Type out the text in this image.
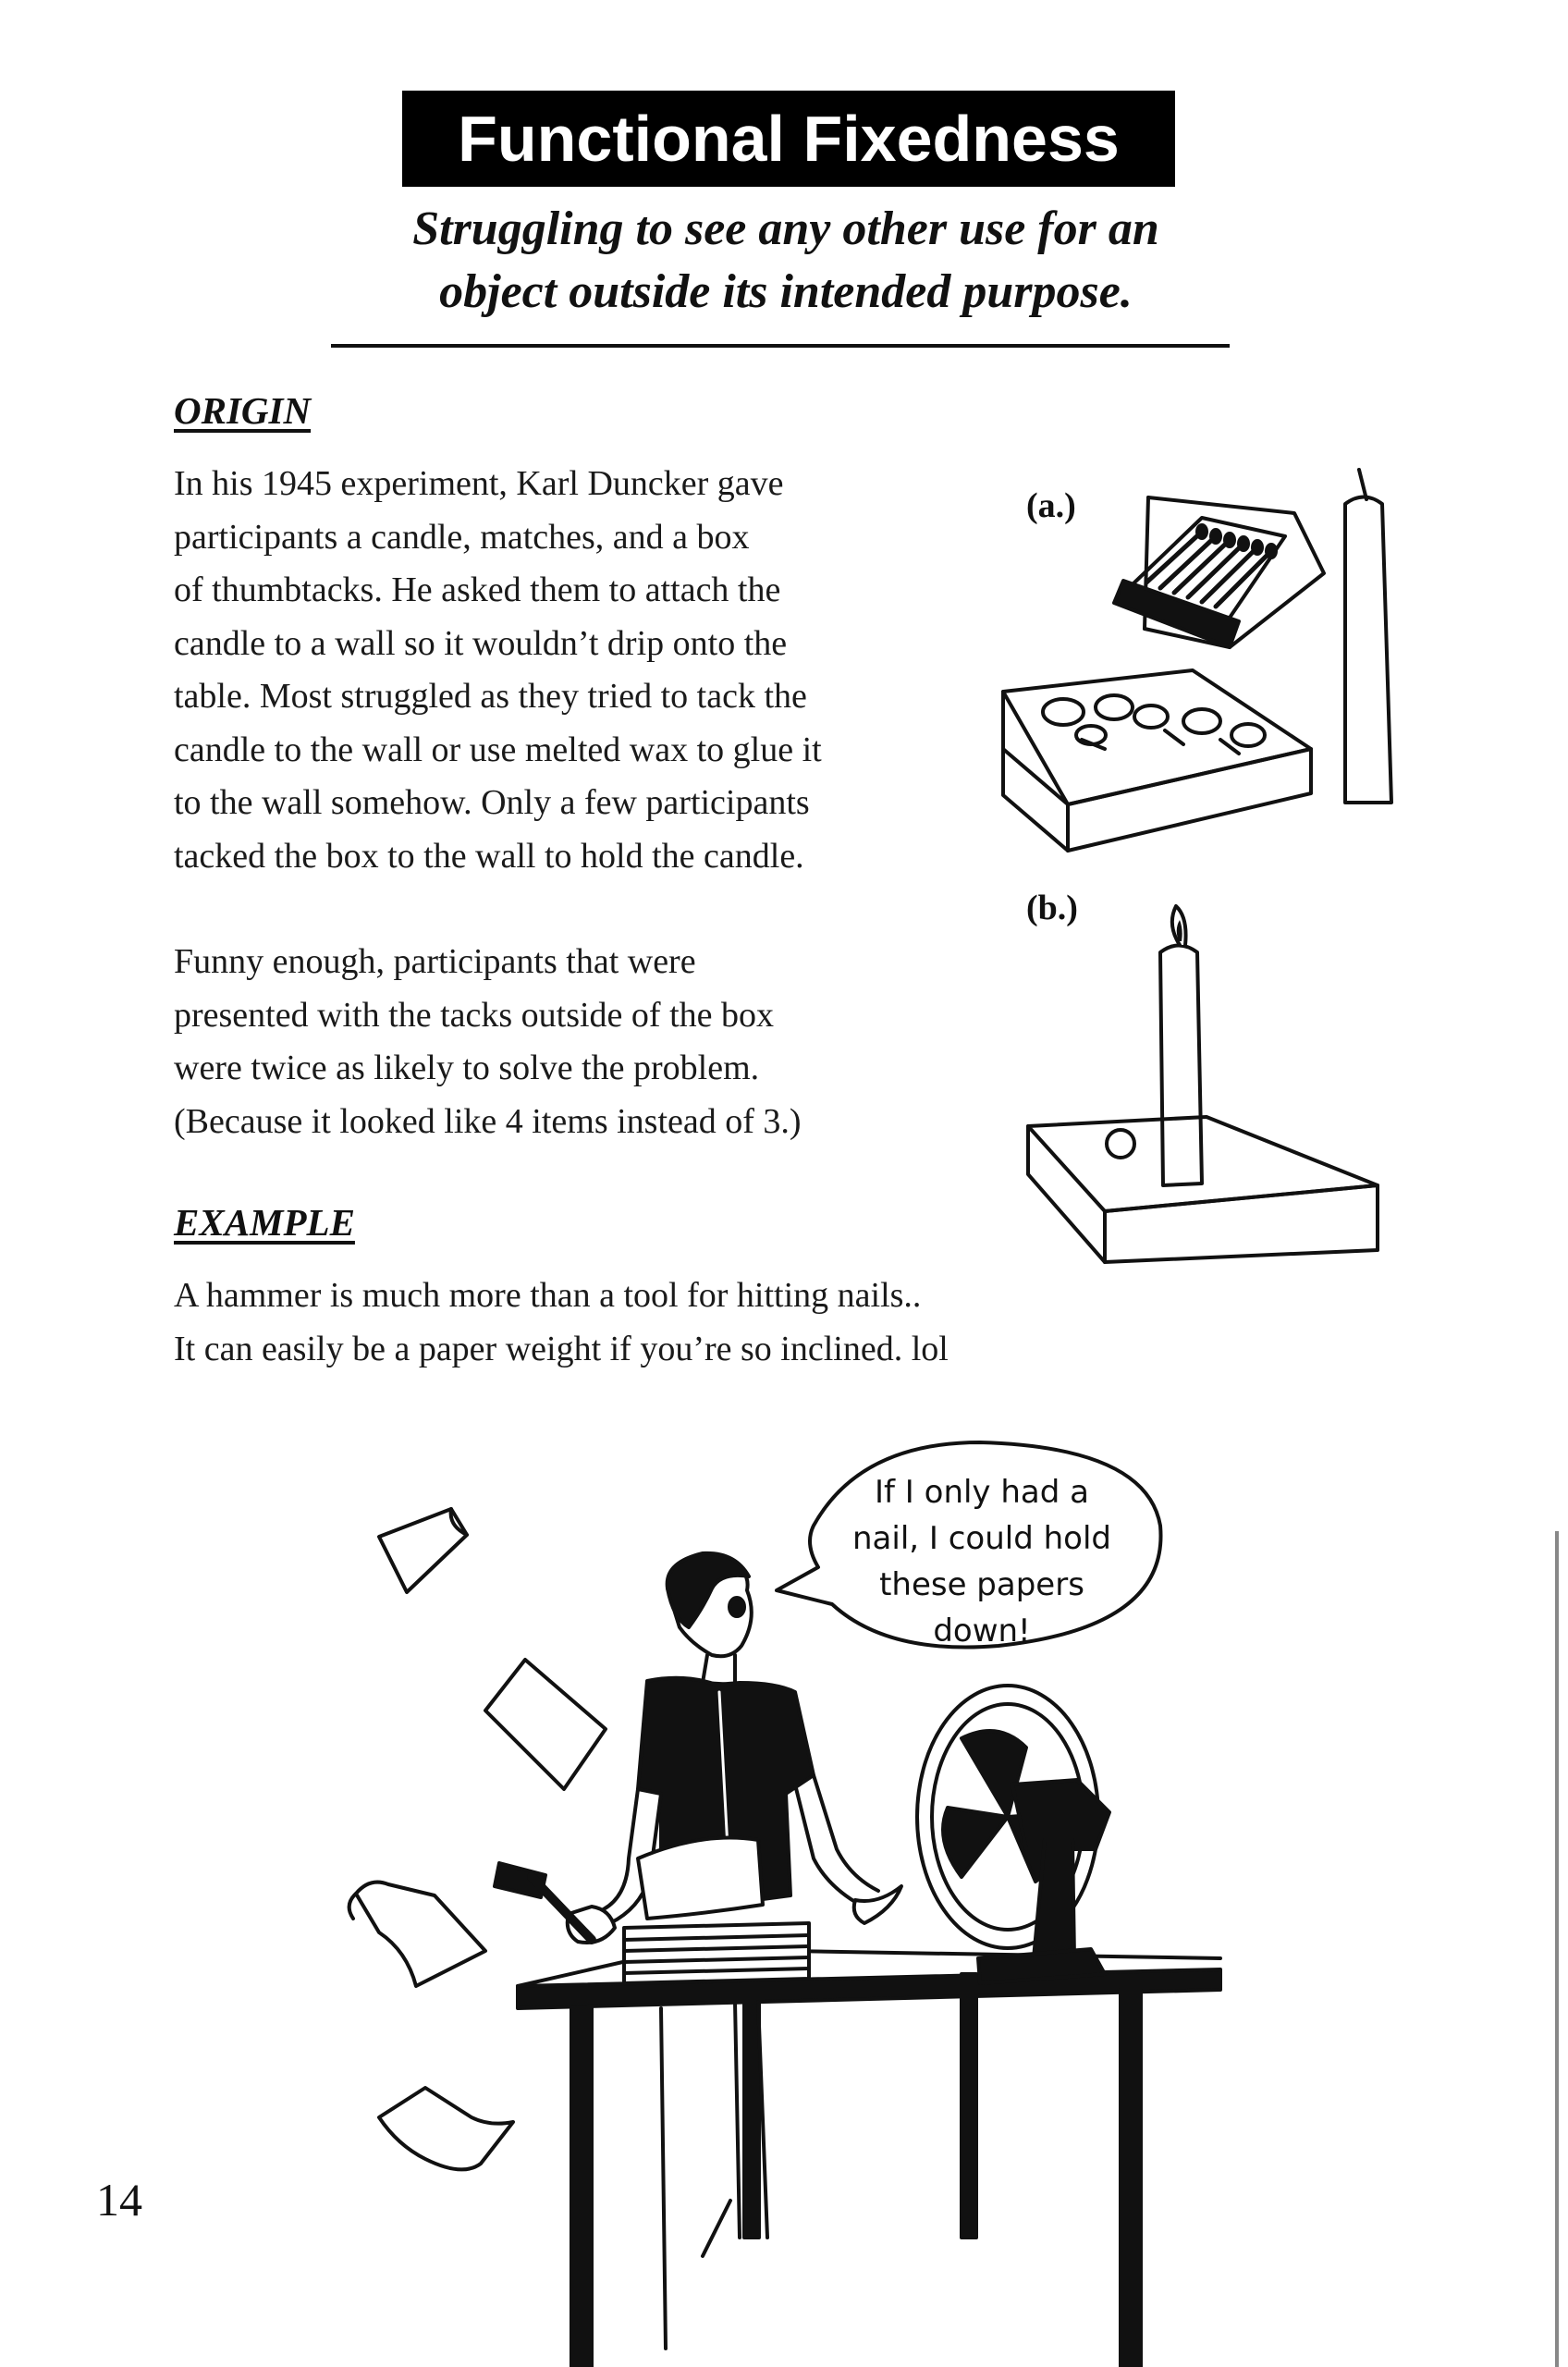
Functional Fixedness
Struggling to see any other use for an
object outside its intended purpose.
ORIGIN
In his 1945 experiment, Karl Duncker gave
participants a candle, matches, and a box
of thumbtacks. He asked them to attach the
candle to a wall so it wouldn’t drip onto the
table. Most struggled as they tried to tack the
candle to the wall or use melted wax to glue it
to the wall somehow. Only a few participants
tacked the box to the wall to hold the candle.
Funny enough, participants that were
presented with the tacks outside of the box
were twice as likely to solve the problem.
(Because it looked like 4 items instead of 3.)
EXAMPLE
A hammer is much more than a tool for hitting nails..
It can easily be a paper weight if you’re so inclined. lol
(a.)
(b.)
If I only had a
nail, I could hold
these papers
down!
14
